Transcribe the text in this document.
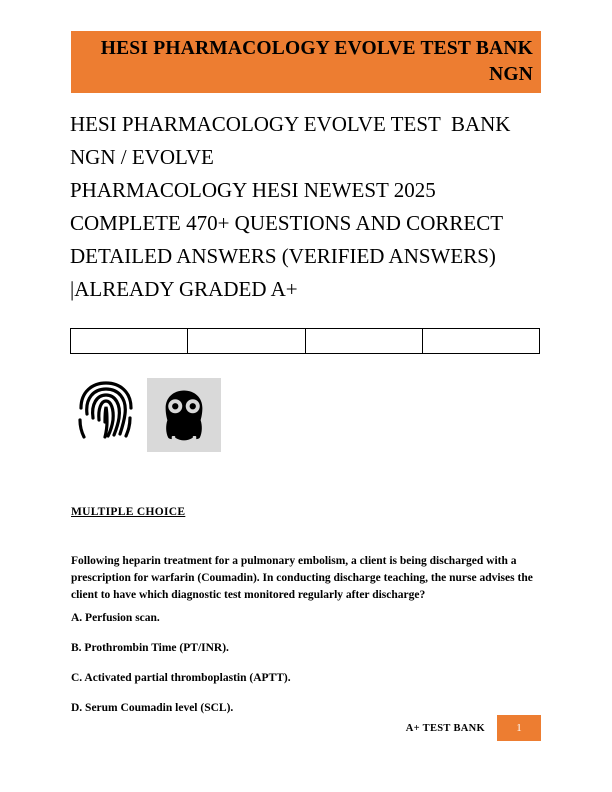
HESI PHARMACOLOGY EVOLVE TEST BANK NGN
HESI PHARMACOLOGY EVOLVE TEST  BANK NGN / EVOLVE
PHARMACOLOGY HESI NEWEST 2025
COMPLETE 470+ QUESTIONS AND CORRECT
DETAILED ANSWERS (VERIFIED ANSWERS)
|ALREADY GRADED A+

MULTIPLE CHOICE
Following heparin treatment for a pulmonary embolism, a client is being discharged with a prescription for warfarin (Coumadin). In conducting discharge teaching, the nurse advises the client to have which diagnostic test monitored regularly after discharge?
A. Perfusion scan.
B. Prothrombin Time (PT/INR).
C. Activated partial thromboplastin (APTT).
D. Serum Coumadin level (SCL).
A+ TEST BANK	1
